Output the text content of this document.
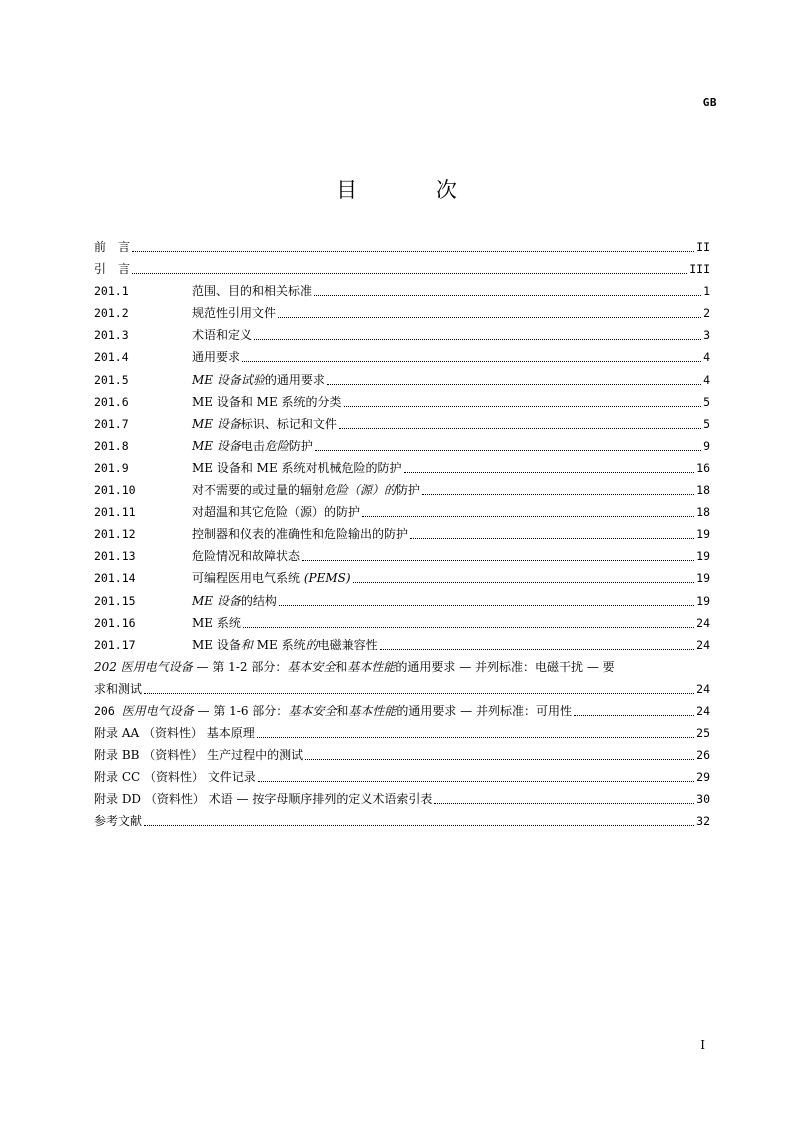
GB
目 次
前　言	II
引　言	III
201.1	范围、目的和相关标准	1
201.2	规范性引用文件	2
201.3	术语和定义	3
201.4	通用要求	4
201.5	ME 设备试验的通用要求	4
201.6	ME 设备和 ME 系统的分类	5
201.7	ME 设备标识、标记和文件	5
201.8	ME 设备电击危险防护	9
201.9	ME 设备和 ME 系统对机械危险的防护	16
201.10	对不需要的或过量的辐射危险（源）的防护	18
201.11	对超温和其它危险（源）的防护	18
201.12	控制器和仪表的准确性和危险输出的防护	19
201.13	危险情况和故障状态	19
201.14	可编程医用电气系统 (PEMS)	19
201.15	ME 设备的结构	19
201.16	ME 系统	24
201.17	ME 设备和 ME 系统的电磁兼容性	24
202 医用电气设备 — 第 1-2 部分：基本安全和基本性能的通用要求 — 并列标准：电磁干扰 — 要
求和测试	24
206 医用电气设备 — 第 1-6 部分：基本安全和基本性能的通用要求 — 并列标准：可用性	24
附录 AA （资料性） 基本原理	25
附录 BB （资料性） 生产过程中的测试	26
附录 CC （资料性） 文件记录	29
附录 DD （资料性） 术语 — 按字母顺序排列的定义术语索引表	30
参考文献	32
I
